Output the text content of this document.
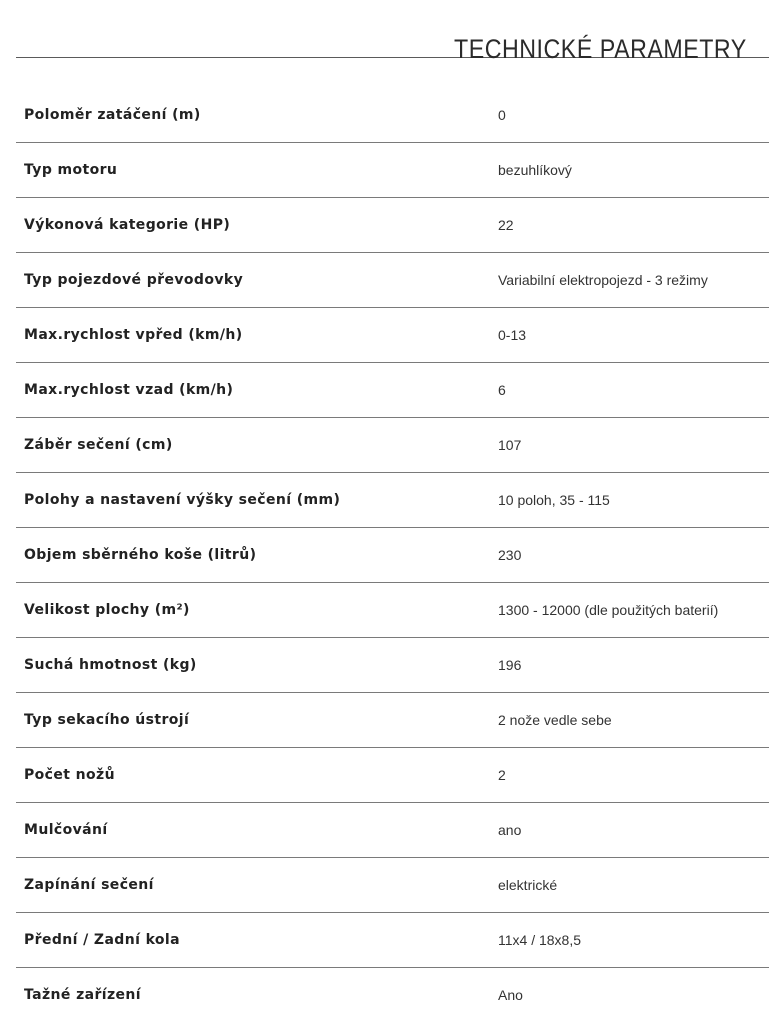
TECHNICKÉ PARAMETRY
Poloměr zatáčení (m)	0
Typ motoru	bezuhlíkový
Výkonová kategorie (HP)	22
Typ pojezdové převodovky	Variabilní elektropojezd - 3 režimy
Max.rychlost vpřed (km/h)	0-13
Max.rychlost vzad (km/h)	6
Záběr sečení (cm)	107
Polohy a nastavení výšky sečení (mm)	10 poloh, 35 - 115
Objem sběrného koše (litrů)	230
Velikost plochy (m²)	1300 - 12000 (dle použitých baterií)
Suchá hmotnost (kg)	196
Typ sekacího ústrojí	2 nože vedle sebe
Počet nožů	2
Mulčování	ano
Zapínání sečení	elektrické
Přední / Zadní kola	11x4 / 18x8,5
Tažné zařízení	Ano
